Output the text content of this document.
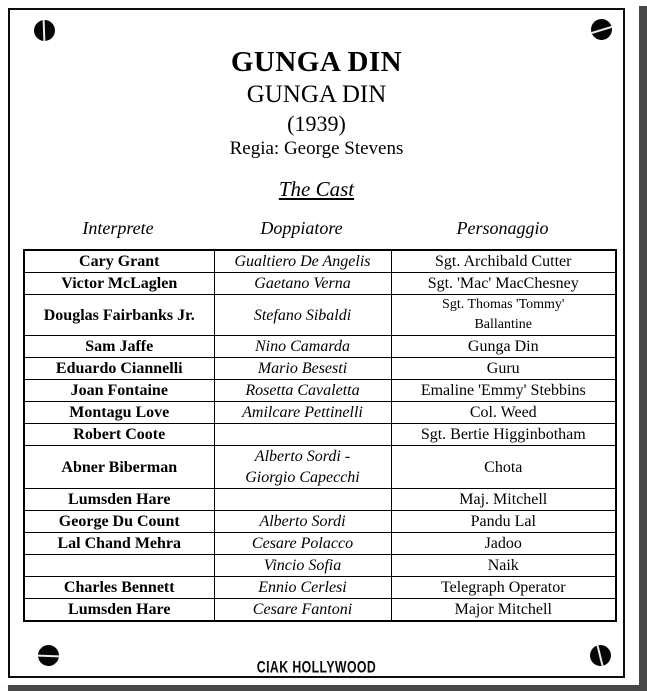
GUNGA DIN
GUNGA DIN
(1939)
Regia: George Stevens
The Cast
Interprete	Doppiatore	Personaggio
Cary Grant	Gualtiero De Angelis	Sgt. Archibald Cutter
Victor McLaglen	Gaetano Verna	Sgt. 'Mac' MacChesney
Douglas Fairbanks Jr.	Stefano Sibaldi	Sgt. Thomas 'Tommy' Ballantine
Sam Jaffe	Nino Camarda	Gunga Din
Eduardo Ciannelli	Mario Besesti	Guru
Joan Fontaine	Rosetta Cavaletta	Emaline 'Emmy' Stebbins
Montagu Love	Amilcare Pettinelli	Col. Weed
Robert Coote		Sgt. Bertie Higginbotham
Abner Biberman	Alberto Sordi - Giorgio Capecchi	Chota
Lumsden Hare		Maj. Mitchell
George Du Count	Alberto Sordi	Pandu Lal
Lal Chand Mehra	Cesare Polacco	Jadoo
	Vincio Sofia	Naik
Charles Bennett	Ennio Cerlesi	Telegraph Operator
Lumsden Hare	Cesare Fantoni	Major Mitchell
CIAK HOLLYWOOD
